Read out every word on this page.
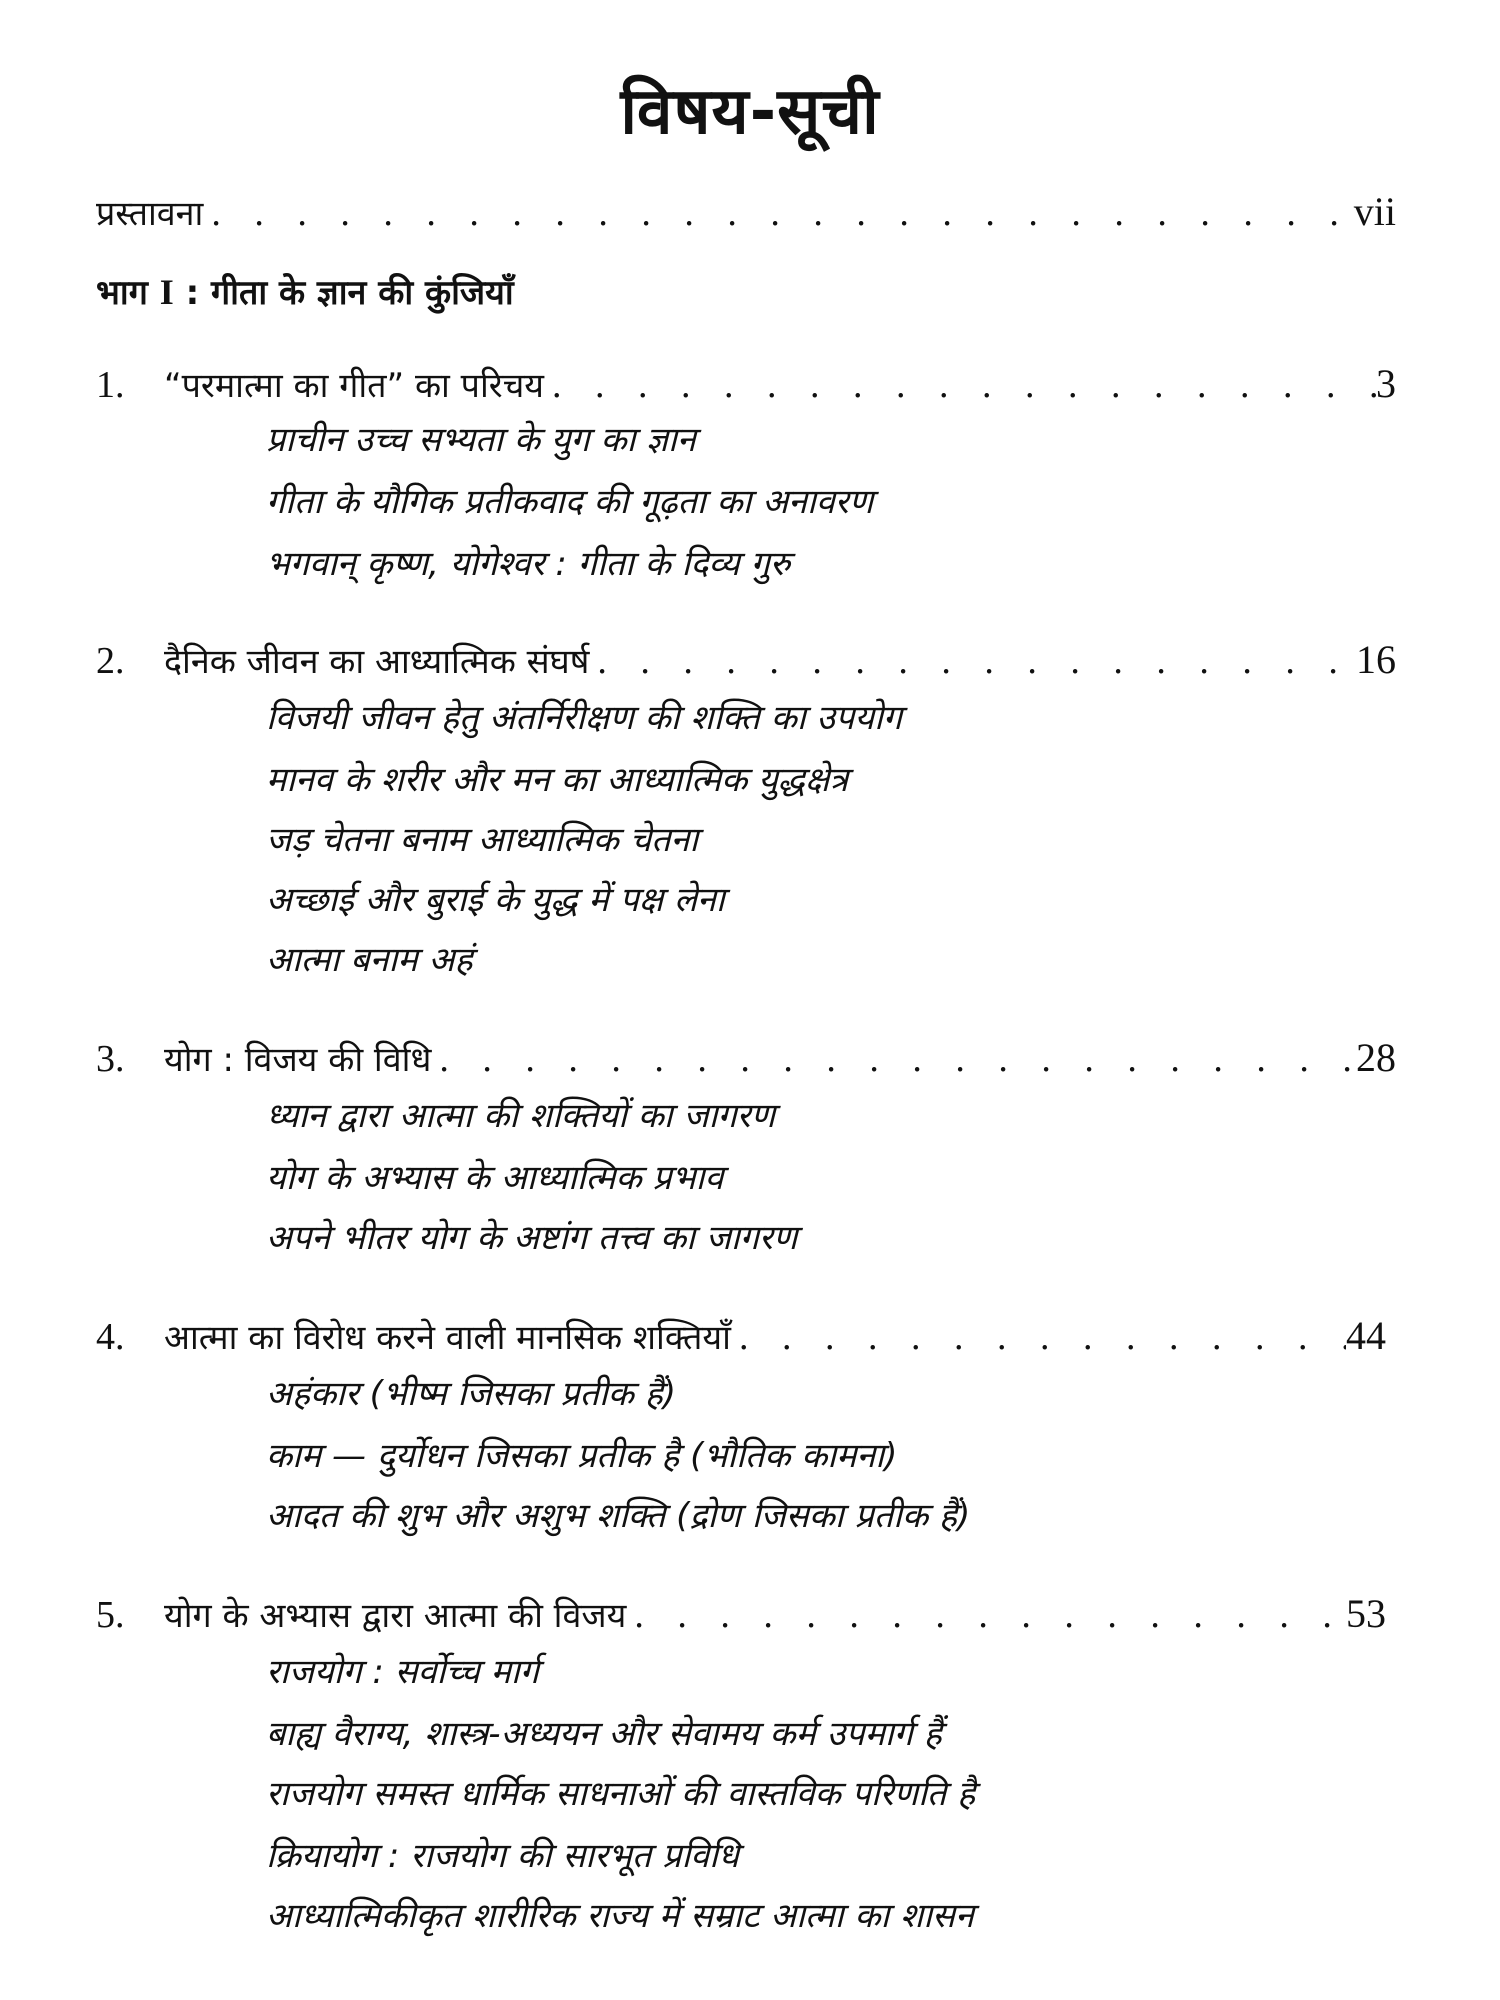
विषय-सूची
प्रस्तावना . . .	vii
भाग I : गीता के ज्ञान की कुंजियाँ
1.	“परमात्मा का गीत” का परिचय . . .	3
प्राचीन उच्च सभ्यता के युग का ज्ञान
गीता के यौगिक प्रतीकवाद की गूढ़ता का अनावरण
भगवान् कृष्ण, योगेश्वर : गीता के दिव्य गुरु
2.	दैनिक जीवन का आध्यात्मिक संघर्ष . . .	16
विजयी जीवन हेतु अंतर्निरीक्षण की शक्ति का उपयोग
मानव के शरीर और मन का आध्यात्मिक युद्धक्षेत्र
जड़ चेतना बनाम आध्यात्मिक चेतना
अच्छाई और बुराई के युद्ध में पक्ष लेना
आत्मा बनाम अहं
3.	योग : विजय की विधि . . .	28
ध्यान द्वारा आत्मा की शक्तियों का जागरण
योग के अभ्यास के आध्यात्मिक प्रभाव
अपने भीतर योग के अष्टांग तत्त्व का जागरण
4.	आत्मा का विरोध करने वाली मानसिक शक्तियाँ . . .	44
अहंकार (भीष्म जिसका प्रतीक हैं)
काम — दुर्योधन जिसका प्रतीक है (भौतिक कामना)
आदत की शुभ और अशुभ शक्ति (द्रोण जिसका प्रतीक हैं)
5.	योग के अभ्यास द्वारा आत्मा की विजय . . .	53
राजयोग : सर्वोच्च मार्ग
बाह्य वैराग्य, शास्त्र-अध्ययन और सेवामय कर्म उपमार्ग हैं
राजयोग समस्त धार्मिक साधनाओं की वास्तविक परिणति है
क्रियायोग : राजयोग की सारभूत प्रविधि
आध्यात्मिकीकृत शारीरिक राज्य में सम्राट आत्मा का शासन
